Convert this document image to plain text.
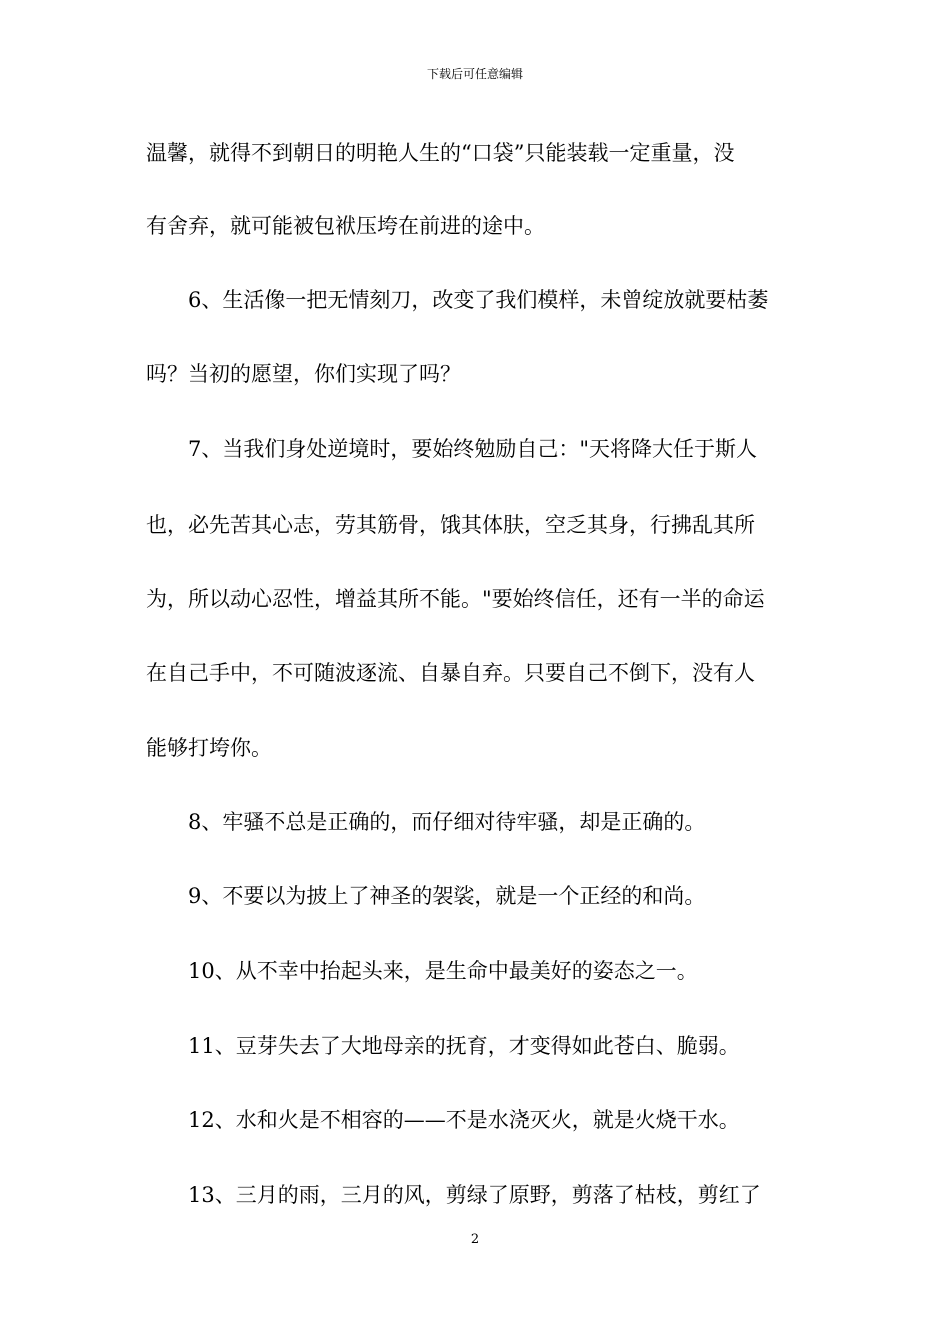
下载后可任意编辑
温馨，就得不到朝日的明艳人生的“口袋”只能装载一定重量，没
有舍弃，就可能被包袱压垮在前进的途中。
6、生活像一把无情刻刀，改变了我们模样，未曾绽放就要枯萎
吗？当初的愿望，你们实现了吗？
7、当我们身处逆境时，要始终勉励自己："天将降大任于斯人
也，必先苦其心志，劳其筋骨，饿其体肤，空乏其身，行拂乱其所
为，所以动心忍性，增益其所不能。"要始终信任，还有一半的命运
在自己手中，不可随波逐流、自暴自弃。只要自己不倒下，没有人
能够打垮你。
8、牢骚不总是正确的，而仔细对待牢骚，却是正确的。
9、不要以为披上了神圣的袈裟，就是一个正经的和尚。
10、从不幸中抬起头来，是生命中最美好的姿态之一。
11、豆芽失去了大地母亲的抚育，才变得如此苍白、脆弱。
12、水和火是不相容的——不是水浇灭火，就是火烧干水。
13、三月的雨，三月的风，剪绿了原野，剪落了枯枝，剪红了
2
